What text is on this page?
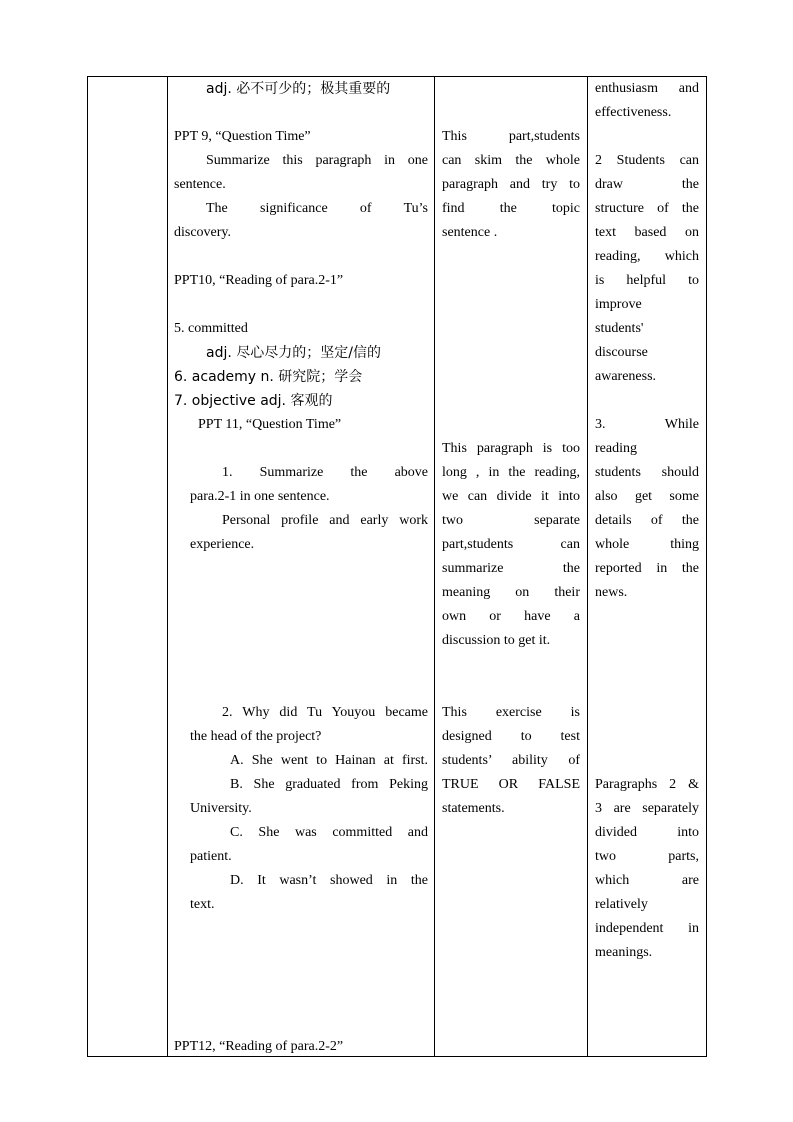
adj. 必不可少的；极其重要的
PPT 9, “Question Time”
Summarize this paragraph in one
sentence.
The significance of Tu’s
discovery.
PPT10, “Reading of para.2-1”
5. committed
adj. 尽心尽力的；坚定/信的
6. academy n. 研究院；学会
7. objective adj. 客观的
PPT 11, “Question Time”
1. Summarize the above
para.2-1 in one sentence.
Personal profile and early work
experience.
2. Why did Tu Youyou became
the head of the project?
A. She went to Hainan at first.
B. She graduated from Peking
University.
C. She was committed and
patient.
D. It wasn’t showed in the
text.
PPT12, “Reading of para.2-2”
This part,students
can skim the whole
paragraph and try to
find the topic
sentence .
This paragraph is too
long , in the reading,
we can divide it into
two separate
part,students can
summarize the
meaning on their
own or have a
discussion to get it.
This exercise is
designed to test
students’ ability of
TRUE OR FALSE
statements.
enthusiasm and
effectiveness.
2 Students can
draw the
structure of the
text based on
reading, which
is helpful to
improve
students'
discourse
awareness.
3. While
reading
students should
also get some
details of the
whole thing
reported in the
news.
Paragraphs 2 &
3 are separately
divided into
two parts,
which are
relatively
independent in
meanings.
